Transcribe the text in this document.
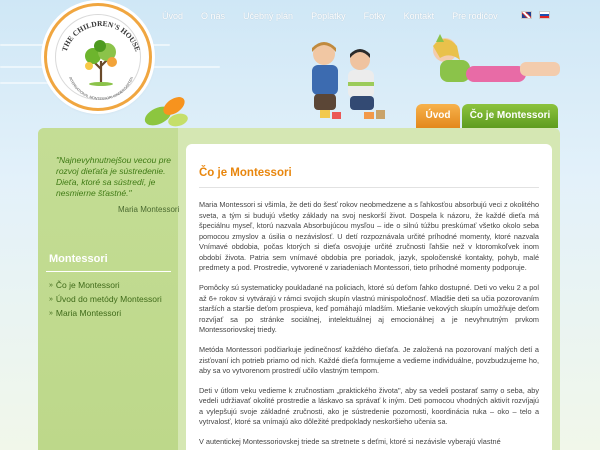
THE CHILDREN'S HOUSE
INTERNATIONAL MONTESSORI KINDERGARTEN
Úvod O nás Učebný plán Poplatky Fotky Kontakt Pre rodičov
Úvod	Čo je Montessori
"Najnevyhnutnejšou vecou pre rozvoj dieťaťa je sústredenie. Dieťa, ktoré sa sústredí, je nesmierne šťastné."
Maria Montessori
Montessori
» Čo je Montessori
» Úvod do metódy Montessori
» Maria Montessori
Čo je Montessori

Maria Montessori si všimla, že deti do šesť rokov neobmedzene a s ľahkosťou absorbujú veci z okolitého sveta, a tým si budujú všetky základy na svoj neskorší život. Dospela k názoru, že každé dieťa má špeciálnu myseľ, ktorú nazvala Absorbujúcou mysľou – ide o silnú túžbu preskúmať všetko okolo seba pomocou zmyslov a úsilia o nezávislosť. U detí rozpoznávala určité príhodné momenty, ktoré nazvala Vnímavé obdobia, počas ktorých si dieťa osvojuje určité zručnosti ľahšie než v ktoromkoľvek inom období života. Patria sem vnímavé obdobia pre poriadok, jazyk, spoločenské kontakty, pohyb, malé predmety a pod. Prostredie, vytvorené v zariadeniach Montessori, tieto príhodné momenty podporuje.

Pomôcky sú systematicky poukladané na policiach, ktoré sú deťom ľahko dostupné. Deti vo veku 2 a pol až 6+ rokov si vytvárajú v rámci svojich skupín vlastnú minispoločnosť. Mladšie deti sa učia pozorovaním starších a staršie deťom prospieva, keď pomáhajú mladším. Miešanie vekových skupín umožňuje deťom rozvíjať sa po stránke sociálnej, intelektuálnej aj emocionálnej a je nevyhnutným prvkom Montessoriovskej triedy.

Metóda Montessori podčiarkuje jedinečnosť každého dieťaťa. Je založená na pozorovaní malých detí a zisťovaní ich potrieb priamo od nich. Každé dieťa formujeme a vedieme individuálne, povzbudzujeme ho, aby sa vo vytvorenom prostredí učilo vlastným tempom.

Deti v útlom veku vedieme k zručnostiam „praktického života", aby sa vedeli postarať samy o seba, aby vedeli udržiavať okolité prostredie a láskavo sa správať k iným. Deti pomocou vhodných aktivít rozvíjajú a vylepšujú svoje základné zručnosti, ako je sústredenie pozornosti, koordinácia ruka – oko – telo a vytrvalosť, ktoré sa vnímajú ako dôležité predpoklady neskoršieho učenia sa.

V autentickej Montessoriovskej triede sa stretnete s deťmi, ktoré si nezávisle vyberajú vlastné
